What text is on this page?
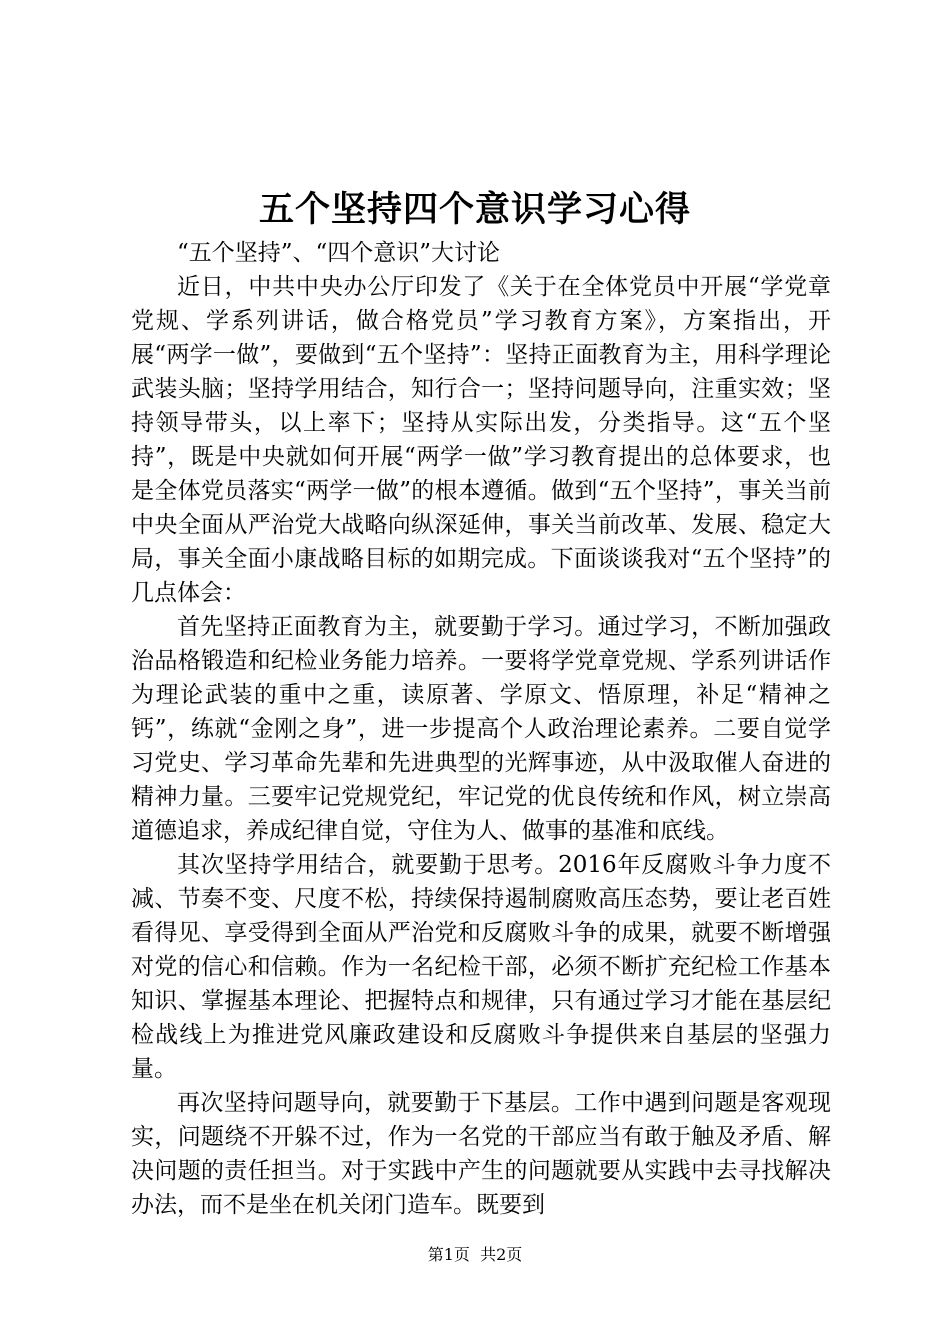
五个坚持四个意识学习心得

“五个坚持”、“四个意识”大讨论

近日，中共中央办公厅印发了《关于在全体党员中开展“学党章党规、学系列讲话，做合格党员”学习教育方案》，方案指出，开展“两学一做”，要做到“五个坚持”：坚持正面教育为主，用科学理论武装头脑；坚持学用结合，知行合一；坚持问题导向，注重实效；坚持领导带头，以上率下；坚持从实际出发，分类指导。这“五个坚持”，既是中央就如何开展“两学一做”学习教育提出的总体要求，也是全体党员落实“两学一做”的根本遵循。做到“五个坚持”，事关当前中央全面从严治党大战略向纵深延伸，事关当前改革、发展、稳定大局，事关全面小康战略目标的如期完成。下面谈谈我对“五个坚持”的几点体会：

首先坚持正面教育为主，就要勤于学习。通过学习，不断加强政治品格锻造和纪检业务能力培养。一要将学党章党规、学系列讲话作为理论武装的重中之重，读原著、学原文、悟原理，补足“精神之钙”，练就“金刚之身”，进一步提高个人政治理论素养。二要自觉学习党史、学习革命先辈和先进典型的光辉事迹，从中汲取催人奋进的精神力量。三要牢记党规党纪，牢记党的优良传统和作风，树立崇高道德追求，养成纪律自觉，守住为人、做事的基准和底线。

其次坚持学用结合，就要勤于思考。2016年反腐败斗争力度不减、节奏不变、尺度不松，持续保持遏制腐败高压态势，要让老百姓看得见、享受得到全面从严治党和反腐败斗争的成果，就要不断增强对党的信心和信赖。作为一名纪检干部，必须不断扩充纪检工作基本知识、掌握基本理论、把握特点和规律，只有通过学习才能在基层纪检战线上为推进党风廉政建设和反腐败斗争提供来自基层的坚强力量。

再次坚持问题导向，就要勤于下基层。工作中遇到问题是客观现实，问题绕不开躲不过，作为一名党的干部应当有敢于触及矛盾、解决问题的责任担当。对于实践中产生的问题就要从实践中去寻找解决办法，而不是坐在机关闭门造车。既要到

第1页 共2页
